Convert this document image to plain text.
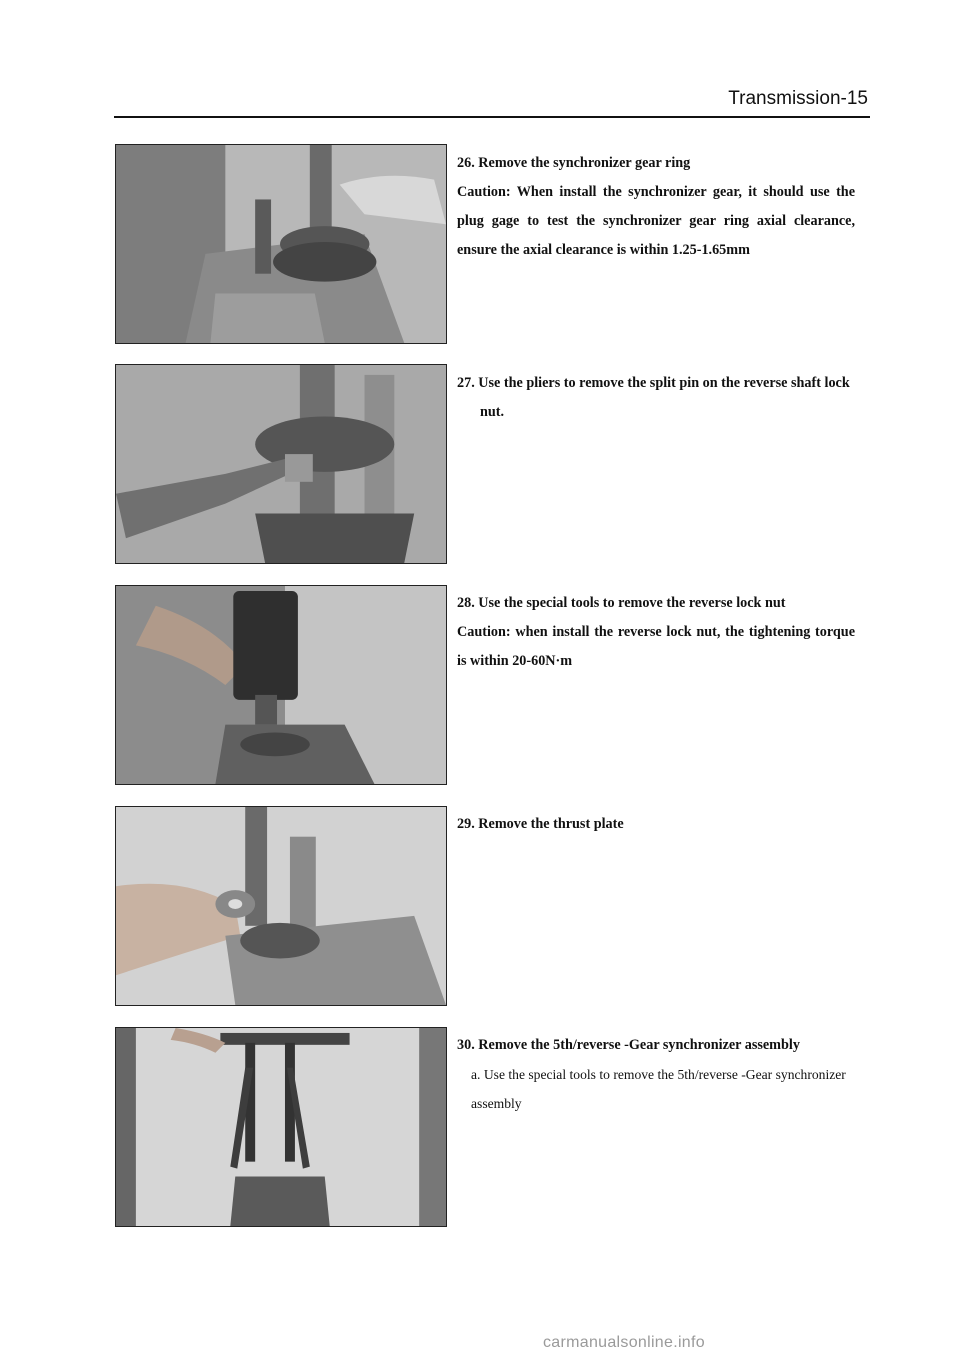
Transmission-15
26. Remove the synchronizer gear ring
Caution: When install the synchronizer gear, it should use the plug gage to test the synchronizer gear ring axial clearance, ensure the axial clearance is within 1.25-1.65mm
27. Use the pliers to remove the split pin on the reverse shaft lock
nut.
28. Use the special tools to remove the reverse lock nut
Caution: when install the reverse lock nut, the tightening torque is within 20-60N·m
29. Remove the thrust plate
30. Remove the 5th/reverse -Gear synchronizer assembly
a. Use the special tools to remove the 5th/reverse -Gear synchronizer assembly
carmanualsonline.info
